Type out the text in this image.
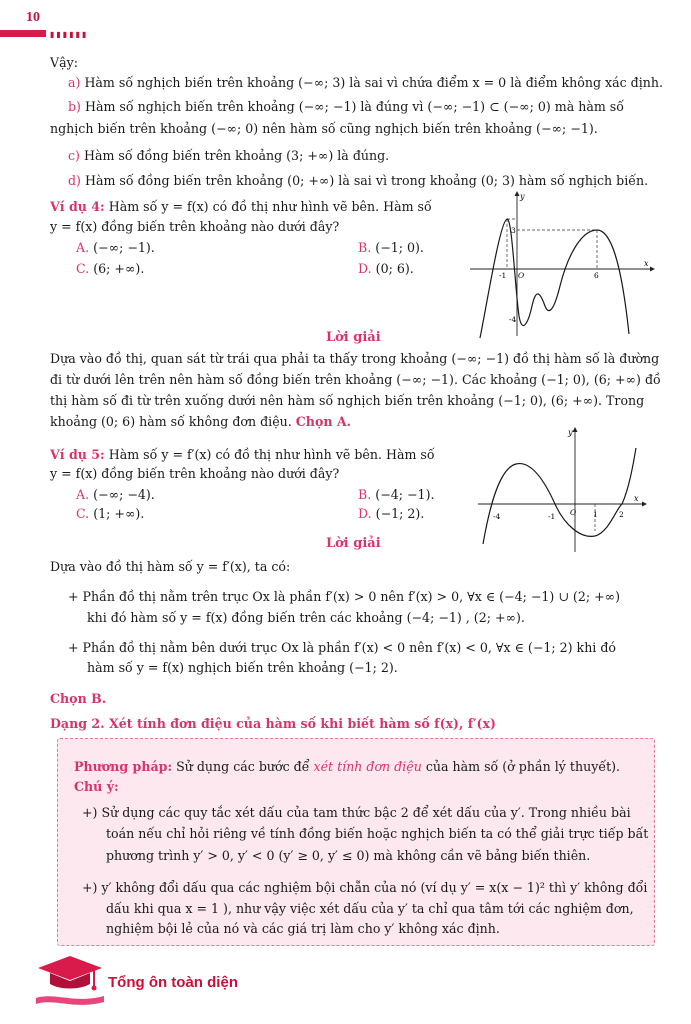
10
▮▮▮▮▮▮
Vậy:
a) Hàm số nghịch biến trên khoảng (−∞; 3) là sai vì chứa điểm x = 0 là điểm không xác định.
b) Hàm số nghịch biến trên khoảng (−∞; −1) là đúng vì (−∞; −1) ⊂ (−∞; 0) mà hàm số
nghịch biến trên khoảng (−∞; 0) nên hàm số cũng nghịch biến trên khoảng (−∞; −1).
c) Hàm số đồng biến trên khoảng (3; +∞) là đúng.
d) Hàm số đồng biến trên khoảng (0; +∞) là sai vì trong khoảng (0; 3) hàm số nghịch biến.
Ví dụ 4: Hàm số y = f(x) có đồ thị như hình vẽ bên. Hàm số
y = f(x) đồng biến trên khoảng nào dưới đây?
A. (−∞; −1).	B. (−1; 0).
C. (6; +∞).	D. (0; 6).
y
x
O
-1	6
3
-4
Lời giải
Dựa vào đồ thị, quan sát từ trái qua phải ta thấy trong khoảng (−∞; −1) đồ thị hàm số là đường
đi từ dưới lên trên nên hàm số đồng biến trên khoảng (−∞; −1). Các khoảng (−1; 0), (6; +∞) đồ
thị hàm số đi từ trên xuống dưới nên hàm số nghịch biến trên khoảng (−1; 0), (6; +∞). Trong
khoảng (0; 6) hàm số không đơn điệu. Chọn A.
Ví dụ 5: Hàm số y = f′(x) có đồ thị như hình vẽ bên. Hàm số
y = f(x) đồng biến trên khoảng nào dưới đây?
A. (−∞; −4).	B. (−4; −1).
C. (1; +∞).	D. (−1; 2).
y
x
-4	-1 O 1	2
Lời giải
Dựa vào đồ thị hàm số y = f′(x), ta có:
+ Phần đồ thị nằm trên trục Ox là phần f′(x) > 0 nên f′(x) > 0, ∀x ∈ (−4; −1) ∪ (2; +∞)
khi đó hàm số y = f(x) đồng biến trên các khoảng (−4; −1) , (2; +∞).
+ Phần đồ thị nằm bên dưới trục Ox là phần f′(x) < 0 nên f′(x) < 0, ∀x ∈ (−1; 2) khi đó
hàm số y = f(x) nghịch biến trên khoảng (−1; 2).
Chọn B.
Dạng 2. Xét tính đơn điệu của hàm số khi biết hàm số f(x), f′(x)
Phương pháp: Sử dụng các bước để xét tính đơn điệu của hàm số (ở phần lý thuyết).
Chú ý:
+) Sử dụng các quy tắc xét dấu của tam thức bậc 2 để xét dấu của y′. Trong nhiều bài
toán nếu chỉ hỏi riêng về tính đồng biến hoặc nghịch biến ta có thể giải trực tiếp bất
phương trình y′ > 0, y′ < 0 (y′ ≥ 0, y′ ≤ 0) mà không cần vẽ bảng biến thiên.
+) y′ không đổi dấu qua các nghiệm bội chẵn của nó (ví dụ y′ = x(x − 1)² thì y′ không đổi
dấu khi qua x = 1 ), như vậy việc xét dấu của y′ ta chỉ qua tâm tới các nghiệm đơn,
nghiệm bội lẻ của nó và các giá trị làm cho y′ không xác định.
Tổng ôn toàn diện
